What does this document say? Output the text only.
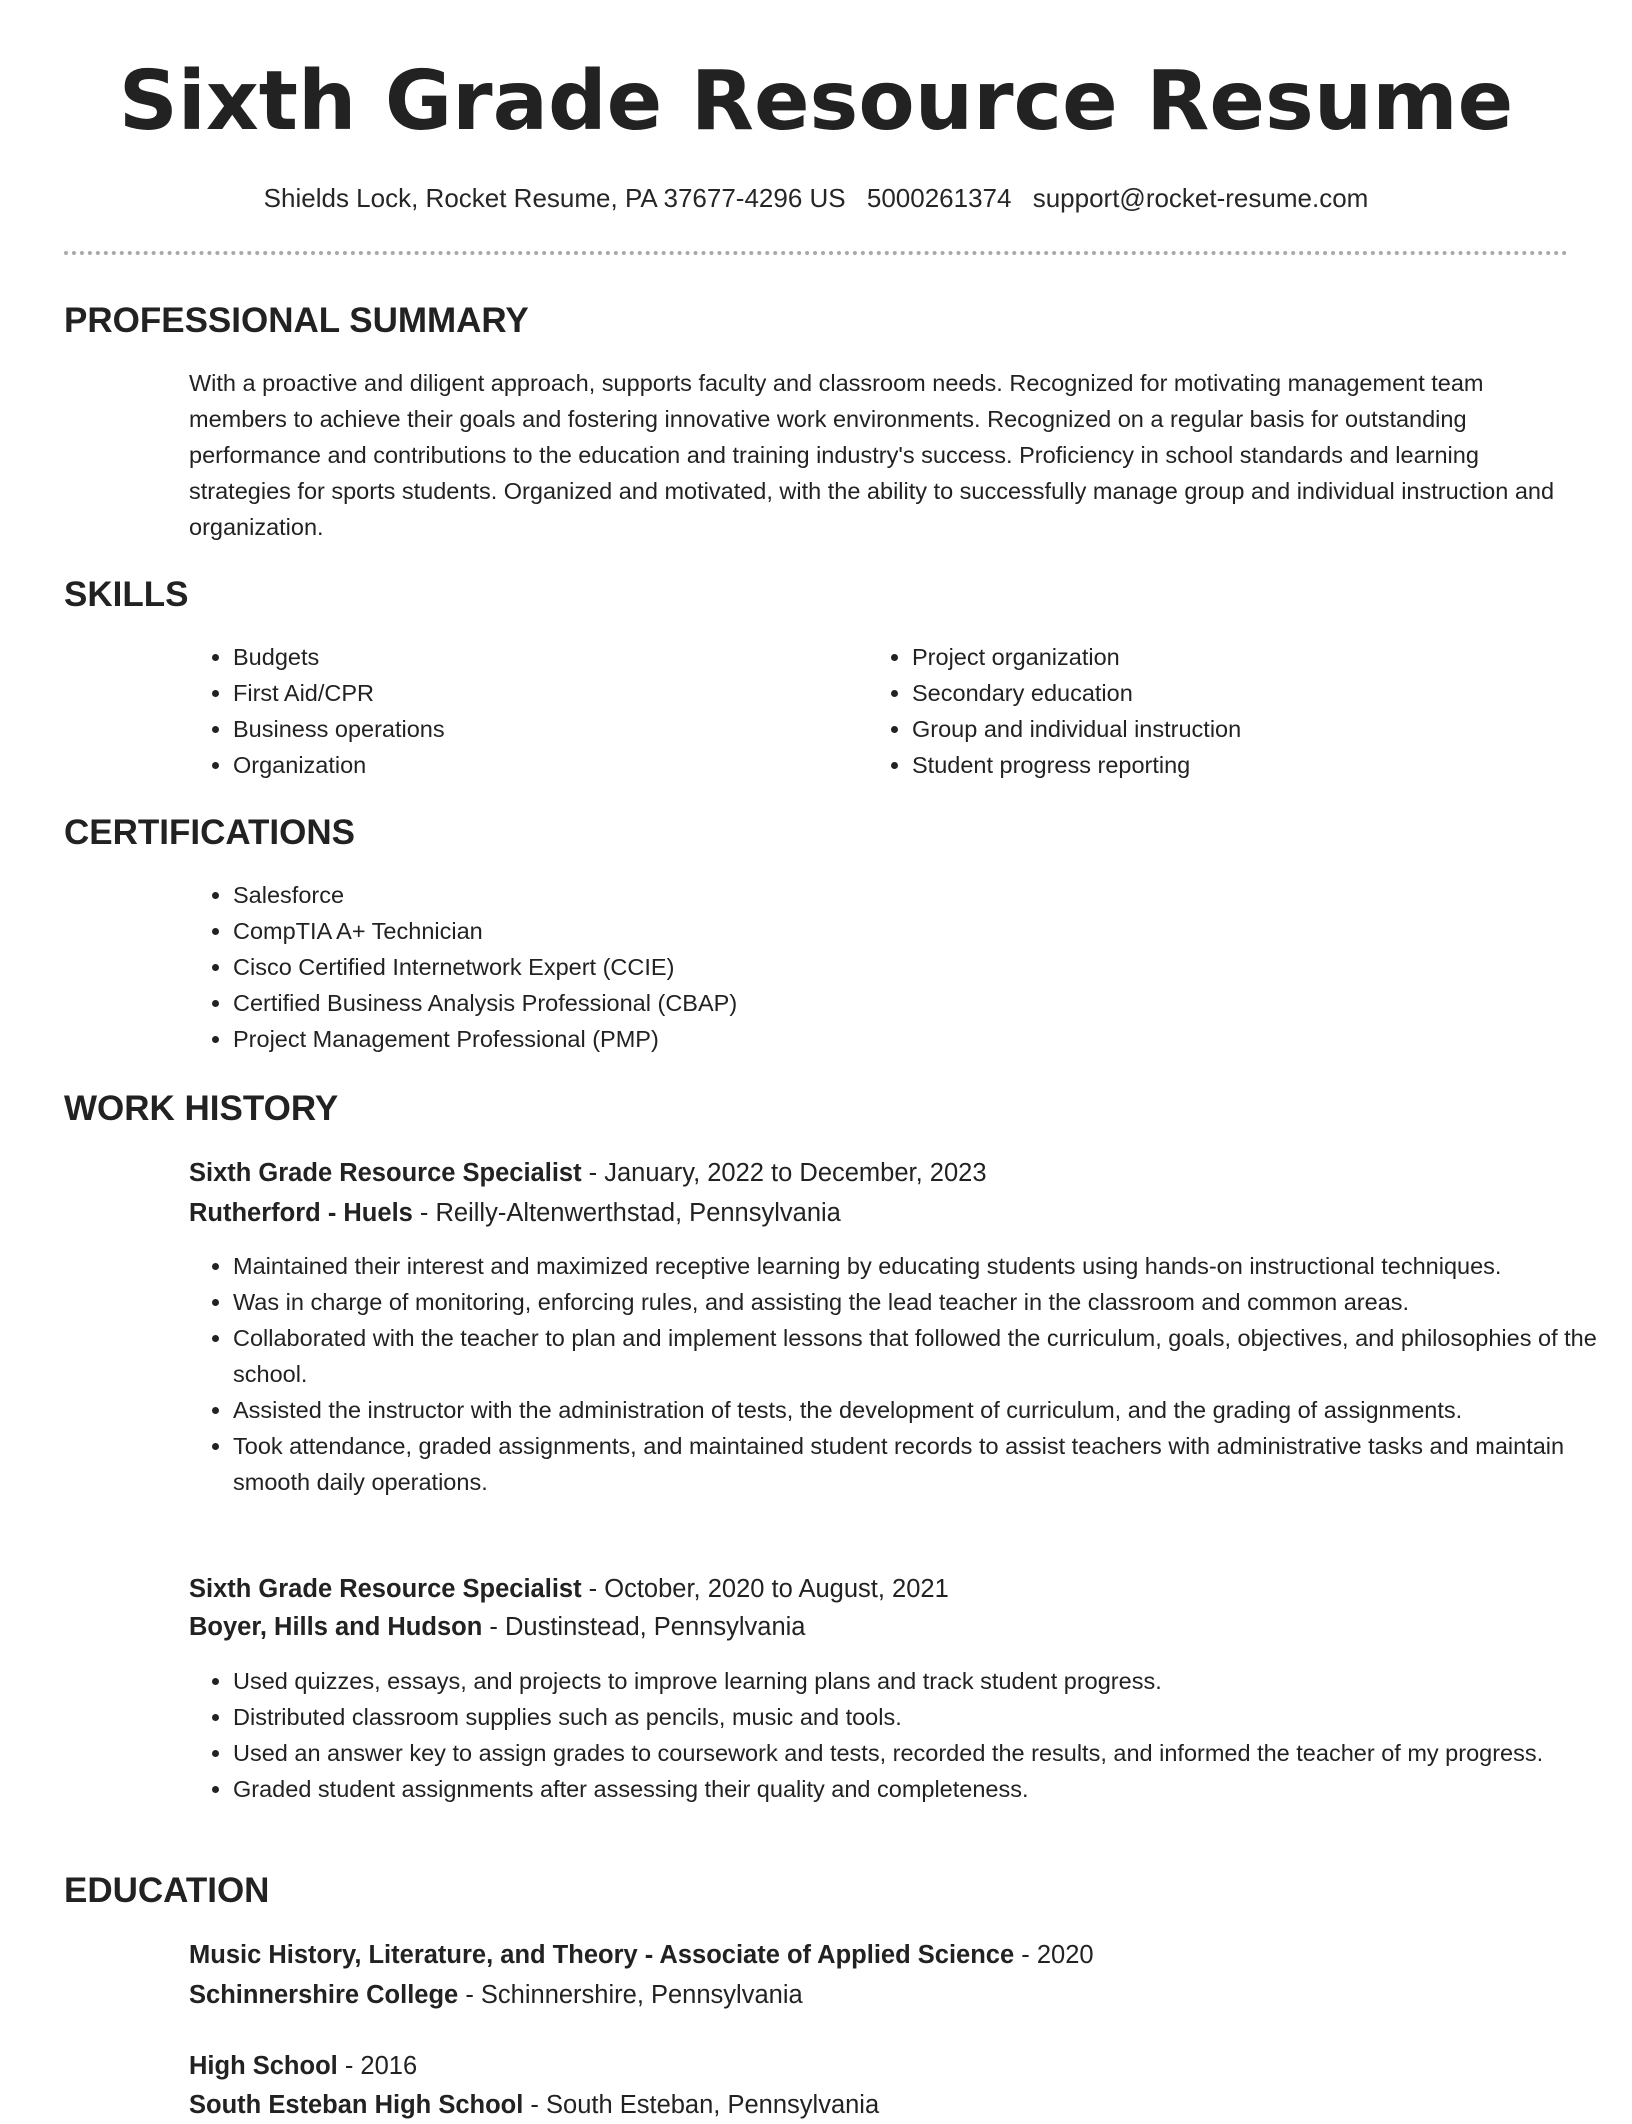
Sixth Grade Resource Resume
Shields Lock, Rocket Resume, PA 37677-4296 US 5000261374 support@rocket-resume.com
PROFESSIONAL SUMMARY

With a proactive and diligent approach, supports faculty and classroom needs. Recognized for motivating management team members to achieve their goals and fostering innovative work environments. Recognized on a regular basis for outstanding performance and contributions to the education and training industry's success. Proficiency in school standards and learning strategies for sports students. Organized and motivated, with the ability to successfully manage group and individual instruction and organization.

SKILLS
• Budgets
• First Aid/CPR
• Business operations
• Organization
• Project organization
• Secondary education
• Group and individual instruction
• Student progress reporting
CERTIFICATIONS
• Salesforce
• CompTIA A+ Technician
• Cisco Certified Internetwork Expert (CCIE)
• Certified Business Analysis Professional (CBAP)
• Project Management Professional (PMP)
WORK HISTORY
Sixth Grade Resource Specialist - January, 2022 to December, 2023
Rutherford - Huels - Reilly-Altenwerthstad, Pennsylvania
• Maintained their interest and maximized receptive learning by educating students using hands-on instructional techniques.
• Was in charge of monitoring, enforcing rules, and assisting the lead teacher in the classroom and common areas.
• Collaborated with the teacher to plan and implement lessons that followed the curriculum, goals, objectives, and philosophies of the school.
• Assisted the instructor with the administration of tests, the development of curriculum, and the grading of assignments.
• Took attendance, graded assignments, and maintained student records to assist teachers with administrative tasks and maintain smooth daily operations.
Sixth Grade Resource Specialist - October, 2020 to August, 2021
Boyer, Hills and Hudson - Dustinstead, Pennsylvania
• Used quizzes, essays, and projects to improve learning plans and track student progress.
• Distributed classroom supplies such as pencils, music and tools.
• Used an answer key to assign grades to coursework and tests, recorded the results, and informed the teacher of my progress.
• Graded student assignments after assessing their quality and completeness.
EDUCATION
Music History, Literature, and Theory - Associate of Applied Science - 2020
Schinnershire College - Schinnershire, Pennsylvania
High School - 2016
South Esteban High School - South Esteban, Pennsylvania
